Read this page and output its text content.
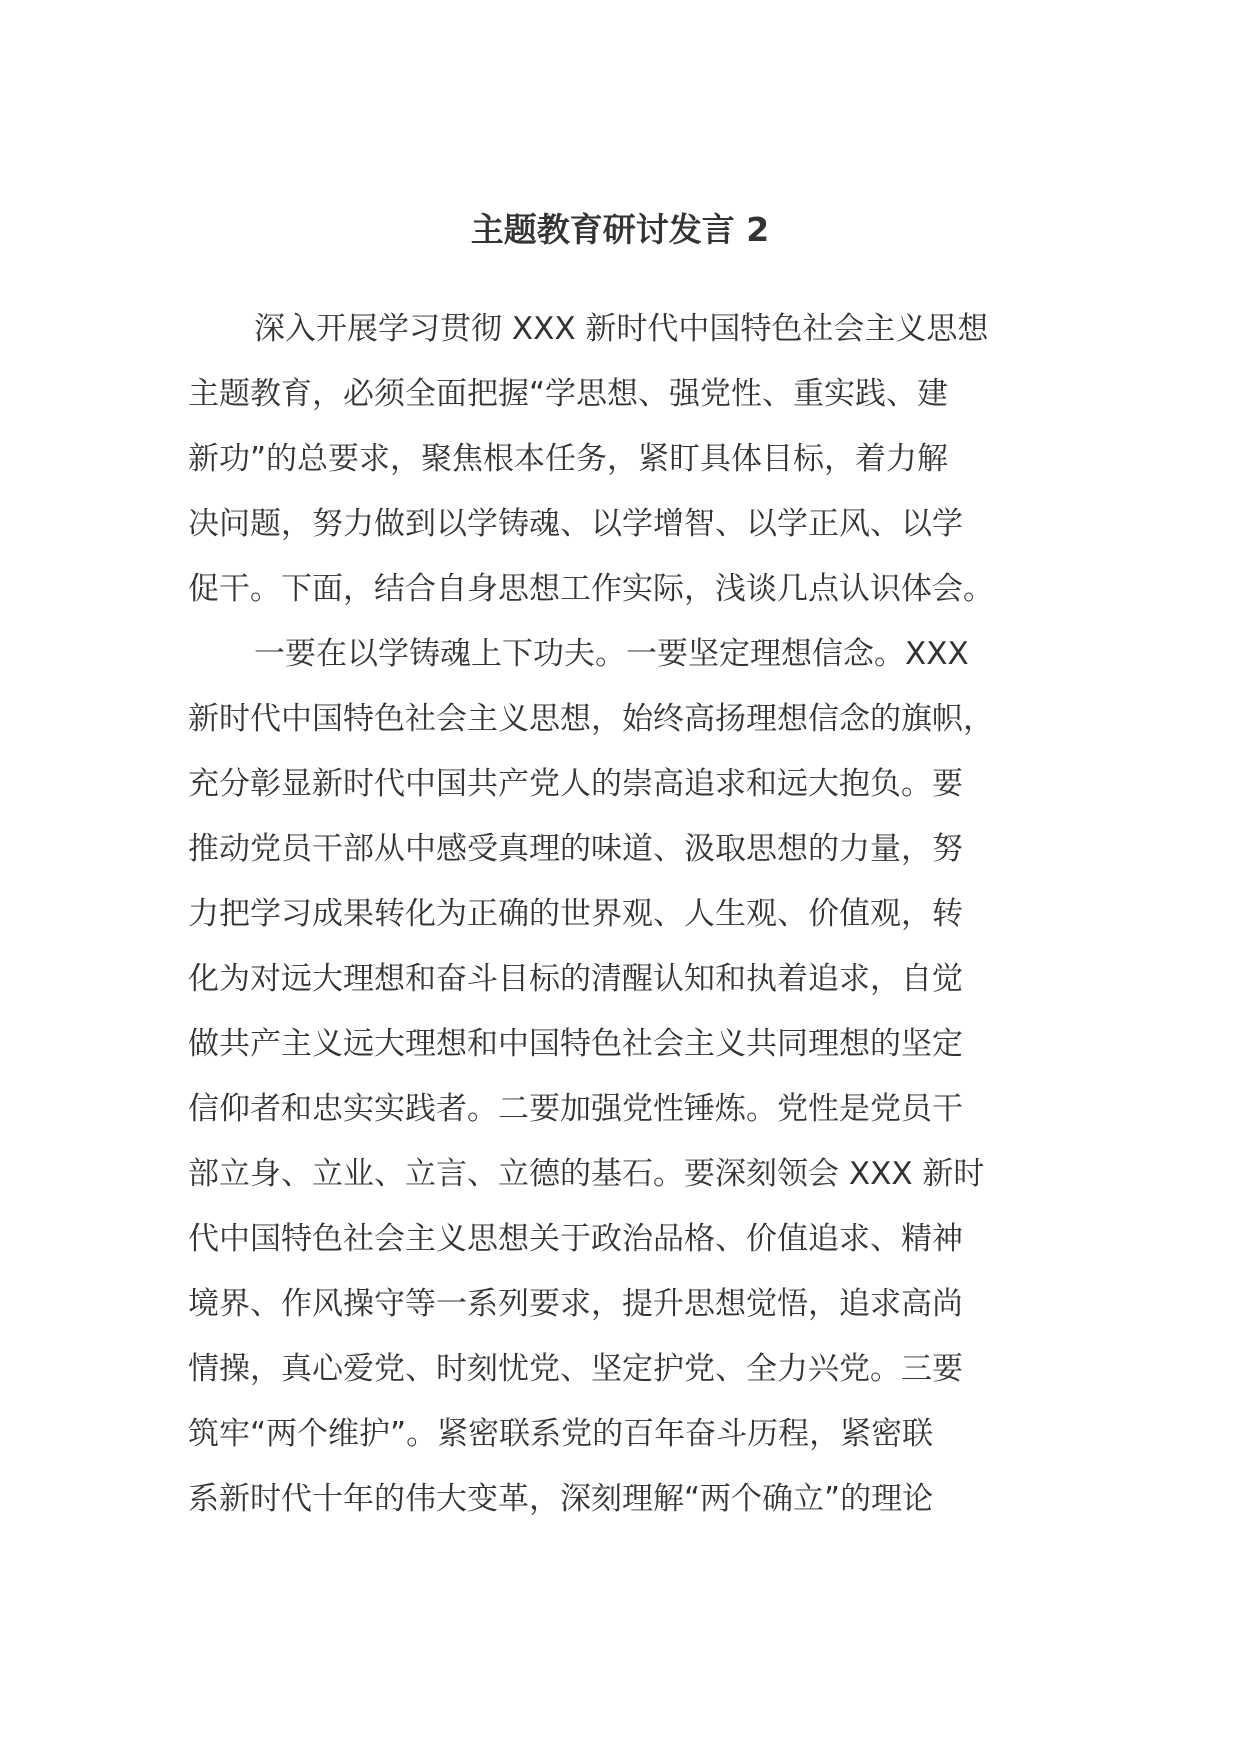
主题教育研讨发言 2

深入开展学习贯彻 XXX 新时代中国特色社会主义思想

主题教育，必须全面把握“学思想、强党性、重实践、建

新功”的总要求，聚焦根本任务，紧盯具体目标，着力解

决问题，努力做到以学铸魂、以学增智、以学正风、以学

促干。下面，结合自身思想工作实际，浅谈几点认识体会。

一要在以学铸魂上下功夫。一要坚定理想信念。XXX

新时代中国特色社会主义思想，始终高扬理想信念的旗帜，

充分彰显新时代中国共产党人的崇高追求和远大抱负。要

推动党员干部从中感受真理的味道、汲取思想的力量，努

力把学习成果转化为正确的世界观、人生观、价值观，转

化为对远大理想和奋斗目标的清醒认知和执着追求，自觉

做共产主义远大理想和中国特色社会主义共同理想的坚定

信仰者和忠实实践者。二要加强党性锤炼。党性是党员干

部立身、立业、立言、立德的基石。要深刻领会 XXX 新时

代中国特色社会主义思想关于政治品格、价值追求、精神

境界、作风操守等一系列要求，提升思想觉悟，追求高尚

情操，真心爱党、时刻忧党、坚定护党、全力兴党。三要

筑牢“两个维护”。紧密联系党的百年奋斗历程，紧密联

系新时代十年的伟大变革，深刻理解“两个确立”的理论
